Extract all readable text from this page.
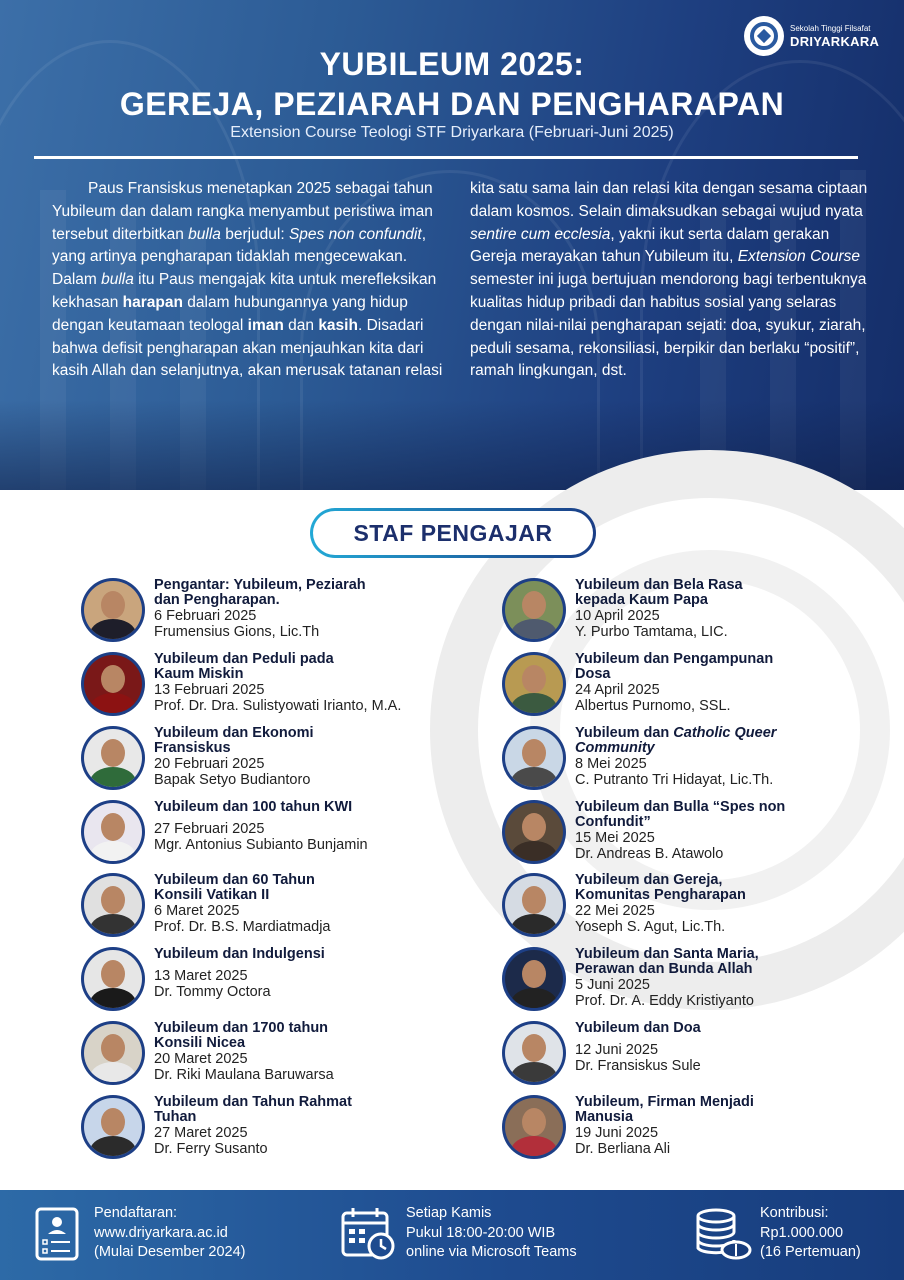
Sekolah Tinggi Filsafat
DRIYARKARA
YUBILEUM 2025:
GEREJA, PEZIARAH DAN PENGHARAPAN
Extension Course Teologi STF Driyarkara (Februari-Juni 2025)

Paus Fransiskus menetapkan 2025 sebagai tahun Yubileum dan dalam rangka menyambut peristiwa iman tersebut diterbitkan bulla berjudul: Spes non confundit, yang artinya pengharapan tidaklah mengecewakan. Dalam bulla itu Paus mengajak kita untuk merefleksikan kekhasan harapan dalam hubungannya yang hidup dengan keutamaan teologal iman dan kasih. Disadari bahwa defisit pengharapan akan menjauhkan kita dari kasih Allah dan selanjutnya, akan merusak tatanan relasi

kita satu sama lain dan relasi kita dengan sesama ciptaan dalam kosmos. Selain dimaksudkan sebagai wujud nyata sentire cum ecclesia, yakni ikut serta dalam gerakan Gereja merayakan tahun Yubileum itu, Extension Course semester ini juga bertujuan mendorong bagi terbentuknya kualitas hidup pribadi dan habitus sosial yang selaras dengan nilai-nilai pengharapan sejati: doa, syukur, ziarah, peduli sesama, rekonsiliasi, berpikir dan berlaku “positif”, ramah lingkungan, dst.

STAF PENGAJAR
Pengantar: Yubileum, Peziarah
dan Pengharapan.
6 Februari 2025
Frumensius Gions, Lic.Th
Yubileum dan Peduli pada
Kaum Miskin
13 Februari 2025
Prof. Dr. Dra. Sulistyowati Irianto, M.A.
Yubileum dan Ekonomi
Fransiskus
20 Februari 2025
Bapak Setyo Budiantoro
Yubileum dan 100 tahun KWI
27 Februari 2025
Mgr. Antonius Subianto Bunjamin
Yubileum dan 60 Tahun
Konsili Vatikan II
6 Maret 2025
Prof. Dr. B.S. Mardiatmadja
Yubileum dan Indulgensi
13 Maret 2025
Dr. Tommy Octora
Yubileum dan 1700 tahun
Konsili Nicea
20 Maret 2025
Dr. Riki Maulana Baruwarsa
Yubileum dan Tahun Rahmat
Tuhan
27 Maret 2025
Dr. Ferry Susanto
Yubileum dan Bela Rasa
kepada Kaum Papa
10 April 2025
Y. Purbo Tamtama, LIC.
Yubileum dan Pengampunan
Dosa
24 April 2025
Albertus Purnomo, SSL.
Yubileum dan Catholic Queer
Community
8 Mei 2025
C. Putranto Tri Hidayat, Lic.Th.
Yubileum dan Bulla “Spes non
Confundit”
15 Mei 2025
Dr. Andreas B. Atawolo
Yubileum dan Gereja,
Komunitas Pengharapan
22 Mei 2025
Yoseph S. Agut, Lic.Th.
Yubileum dan Santa Maria,
Perawan dan Bunda Allah
5 Juni 2025
Prof. Dr. A. Eddy Kristiyanto
Yubileum dan Doa
12 Juni 2025
Dr. Fransiskus Sule
Yubileum, Firman Menjadi
Manusia
19 Juni 2025
Dr. Berliana Ali
Pendaftaran:
www.driyarkara.ac.id
(Mulai Desember 2024)
Setiap Kamis
Pukul 18:00-20:00 WIB
online via Microsoft Teams
Kontribusi:
Rp1.000.000
(16 Pertemuan)
